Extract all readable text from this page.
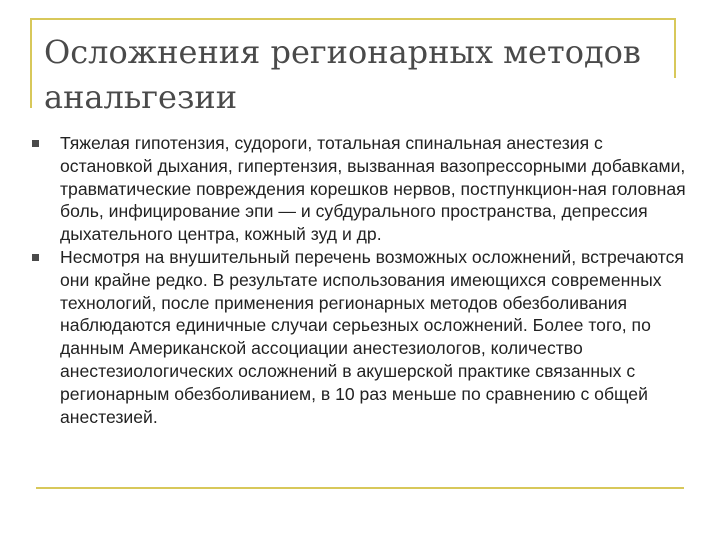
Осложнения регионарных методов анальгезии
Тяжелая гипотензия, судороги, тотальная спинальная анестезия с остановкой дыхания, гипертензия, вызванная вазопрессорными добавками, травматические повреждения корешков нервов, постпункцион-ная головная боль, инфицирование эпи — и субдурального пространства, депрессия дыхательного центра, кожный зуд и др.
Несмотря на внушительный перечень возможных осложнений, встречаются они крайне редко. В результате использования имеющихся современных технологий, после применения регионарных методов обезболивания наблюдаются единичные случаи серьезных осложнений. Более того, по данным Американской ассоциации анестезиологов, количество анестезиологических осложнений в акушерской практике связанных с регионарным обезболиванием, в 10 раз меньше по сравнению с общей анестезией.
